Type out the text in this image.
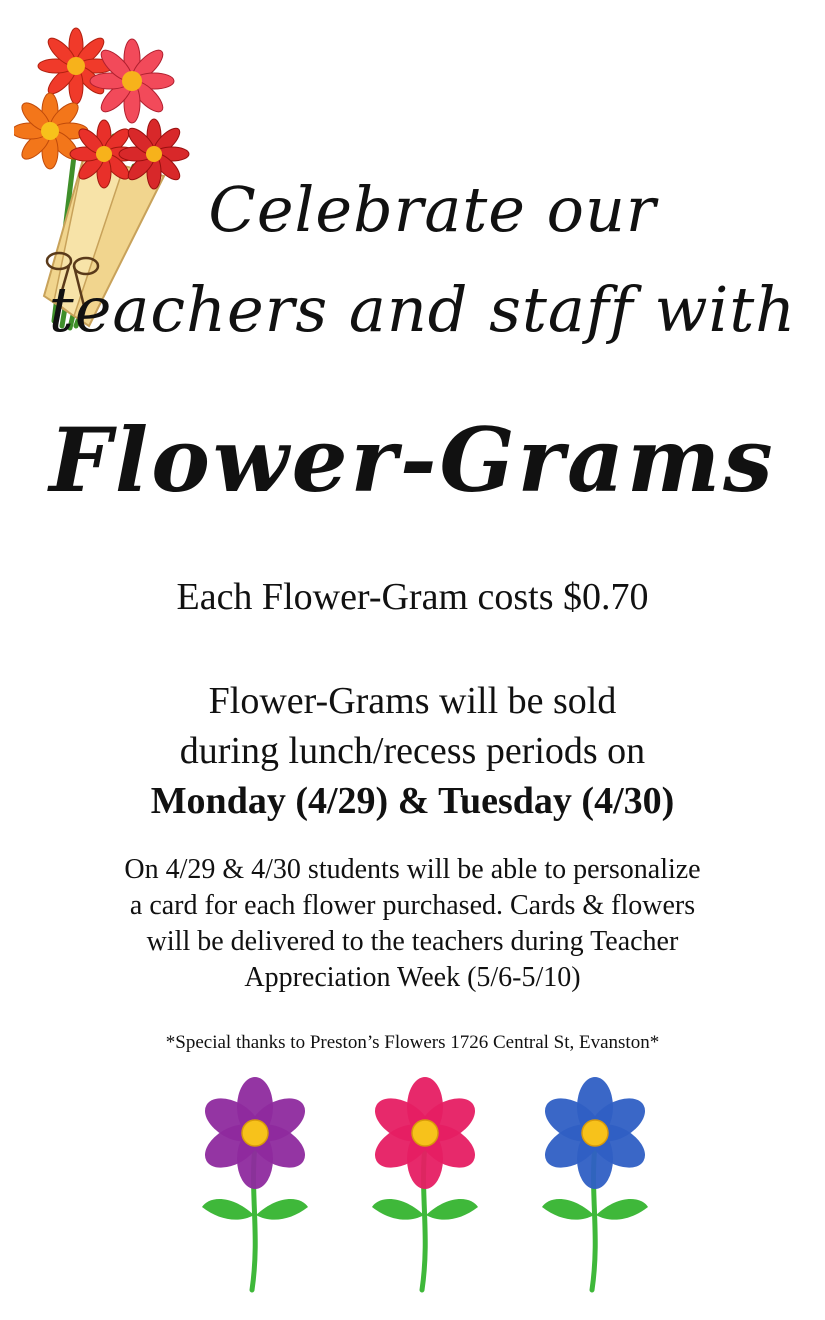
Celebrate our
teachers and staff with
Flower-Grams
Each Flower-Gram costs $0.70
Flower-Grams will be sold
during lunch/recess periods on
Monday (4/29) & Tuesday (4/30)
On 4/29 & 4/30 students will be able to personalize
a card for each flower purchased. Cards & flowers
will be delivered to the teachers during Teacher
Appreciation Week (5/6-5/10)
*Special thanks to Preston’s Flowers 1726 Central St, Evanston*
